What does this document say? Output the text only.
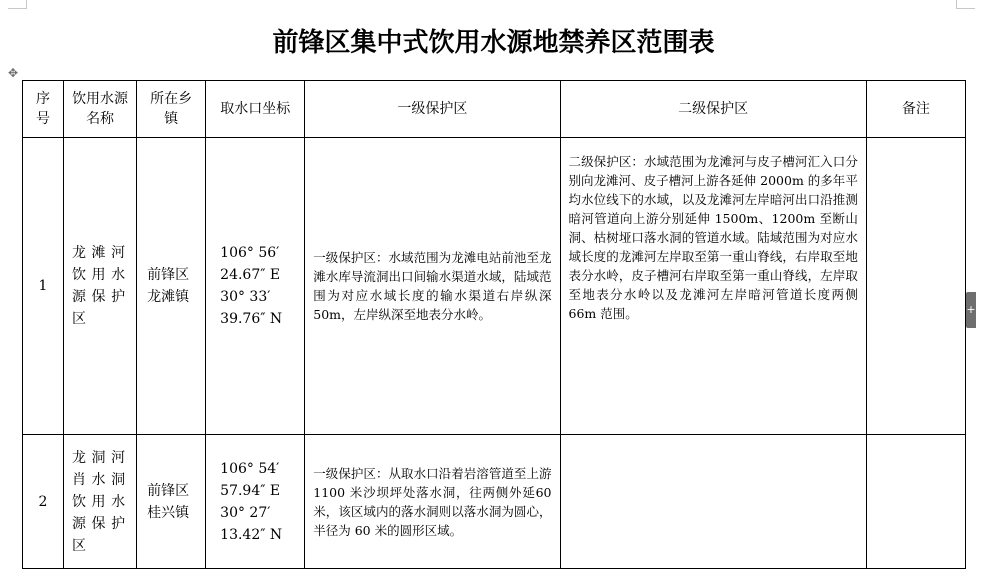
前锋区集中式饮用水源地禁养区范围表
✥
序号	饮用水源名称	所在乡镇	取水口坐标	一级保护区	二级保护区	备注
1	龙滩河饮用水源保护区	前锋区龙滩镇	106° 56′
24.67″ E
30° 33′
39.76″ N	一级保护区：水域范围为龙滩电站前池至龙滩水库导流洞出口间输水渠道水域，陆域范围为对应水域长度的输水渠道右岸纵深50m，左岸纵深至地表分水岭。	二级保护区：水域范围为龙滩河与皮子槽河汇入口分别向龙滩河、皮子槽河上游各延伸 2000m 的多年平均水位线下的水域，以及龙滩河左岸暗河出口沿推测暗河管道向上游分别延伸 1500m、1200m 至断山洞、枯树垭口落水洞的管道水域。陆域范围为对应水域长度的龙滩河左岸取至第一重山脊线，右岸取至地表分水岭，皮子槽河右岸取至第一重山脊线，左岸取至地表分水岭以及龙滩河左岸暗河管道长度两侧 66m 范围。	
2	龙洞河肖水洞饮用水源保护区	前锋区桂兴镇	106° 54′
57.94″ E
30° 27′
13.42″ N	一级保护区：从取水口沿着岩溶管道至上游 1100 米沙坝坪处落水洞，往两侧外延60米，该区域内的落水洞则以落水洞为圆心，半径为 60 米的圆形区域。		
+
